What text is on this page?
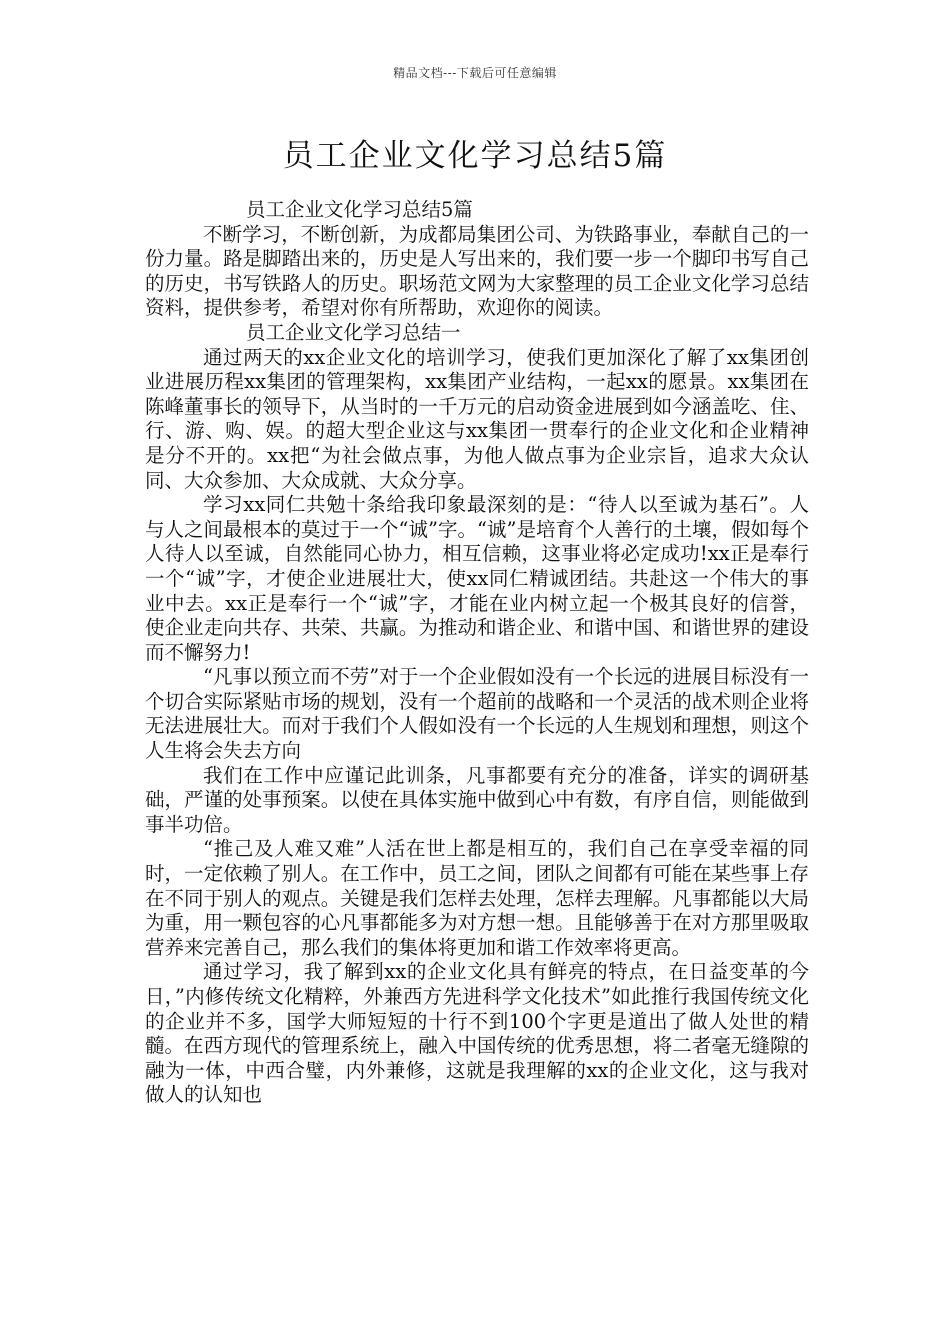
精品文档---下载后可任意编辑
员工企业文化学习总结5篇

员工企业文化学习总结5篇

不断学习，不断创新，为成都局集团公司、为铁路事业，奉献自己的一份力量。路是脚踏出来的，历史是人写出来的，我们要一步一个脚印书写自己的历史，书写铁路人的历史。职场范文网为大家整理的员工企业文化学习总结资料，提供参考，希望对你有所帮助，欢迎你的阅读。

员工企业文化学习总结一

通过两天的xx企业文化的培训学习，使我们更加深化了解了xx集团创业进展历程xx集团的管理架构，xx集团产业结构，一起xx的愿景。xx集团在陈峰董事长的领导下，从当时的一千万元的启动资金进展到如今涵盖吃、住、行、游、购、娱。的超大型企业这与xx集团一贯奉行的企业文化和企业精神是分不开的。xx把“为社会做点事，为他人做点事为企业宗旨，追求大众认同、大众参加、大众成就、大众分享。

学习xx同仁共勉十条给我印象最深刻的是：“待人以至诚为基石”。人与人之间最根本的莫过于一个“诚”字。“诚”是培育个人善行的土壤，假如每个人待人以至诚，自然能同心协力，相互信赖，这事业将必定成功!xx正是奉行一个“诚”字，才使企业进展壮大，使xx同仁精诚团结。共赴这一个伟大的事业中去。xx正是奉行一个“诚”字，才能在业内树立起一个极其良好的信誉，使企业走向共存、共荣、共赢。为推动和谐企业、和谐中国、和谐世界的建设而不懈努力!

“凡事以预立而不劳”对于一个企业假如没有一个长远的进展目标没有一个切合实际紧贴市场的规划，没有一个超前的战略和一个灵活的战术则企业将无法进展壮大。而对于我们个人假如没有一个长远的人生规划和理想，则这个人生将会失去方向

我们在工作中应谨记此训条，凡事都要有充分的准备，详实的调研基础，严谨的处事预案。以使在具体实施中做到心中有数，有序自信，则能做到事半功倍。

“推己及人难又难”人活在世上都是相互的，我们自己在享受幸福的同时，一定依赖了别人。在工作中，员工之间，团队之间都有可能在某些事上存在不同于别人的观点。关键是我们怎样去处理，怎样去理解。凡事都能以大局为重，用一颗包容的心凡事都能多为对方想一想。且能够善于在对方那里吸取营养来完善自己，那么我们的集体将更加和谐工作效率将更高。

通过学习，我了解到xx的企业文化具有鲜亮的特点，在日益变革的今日，”内修传统文化精粹，外兼西方先进科学文化技术”如此推行我国传统文化的企业并不多，国学大师短短的十行不到100个字更是道出了做人处世的精髓。在西方现代的管理系统上，融入中国传统的优秀思想，将二者毫无缝隙的融为一体，中西合璧，内外兼修，这就是我理解的xx的企业文化，这与我对做人的认知也
